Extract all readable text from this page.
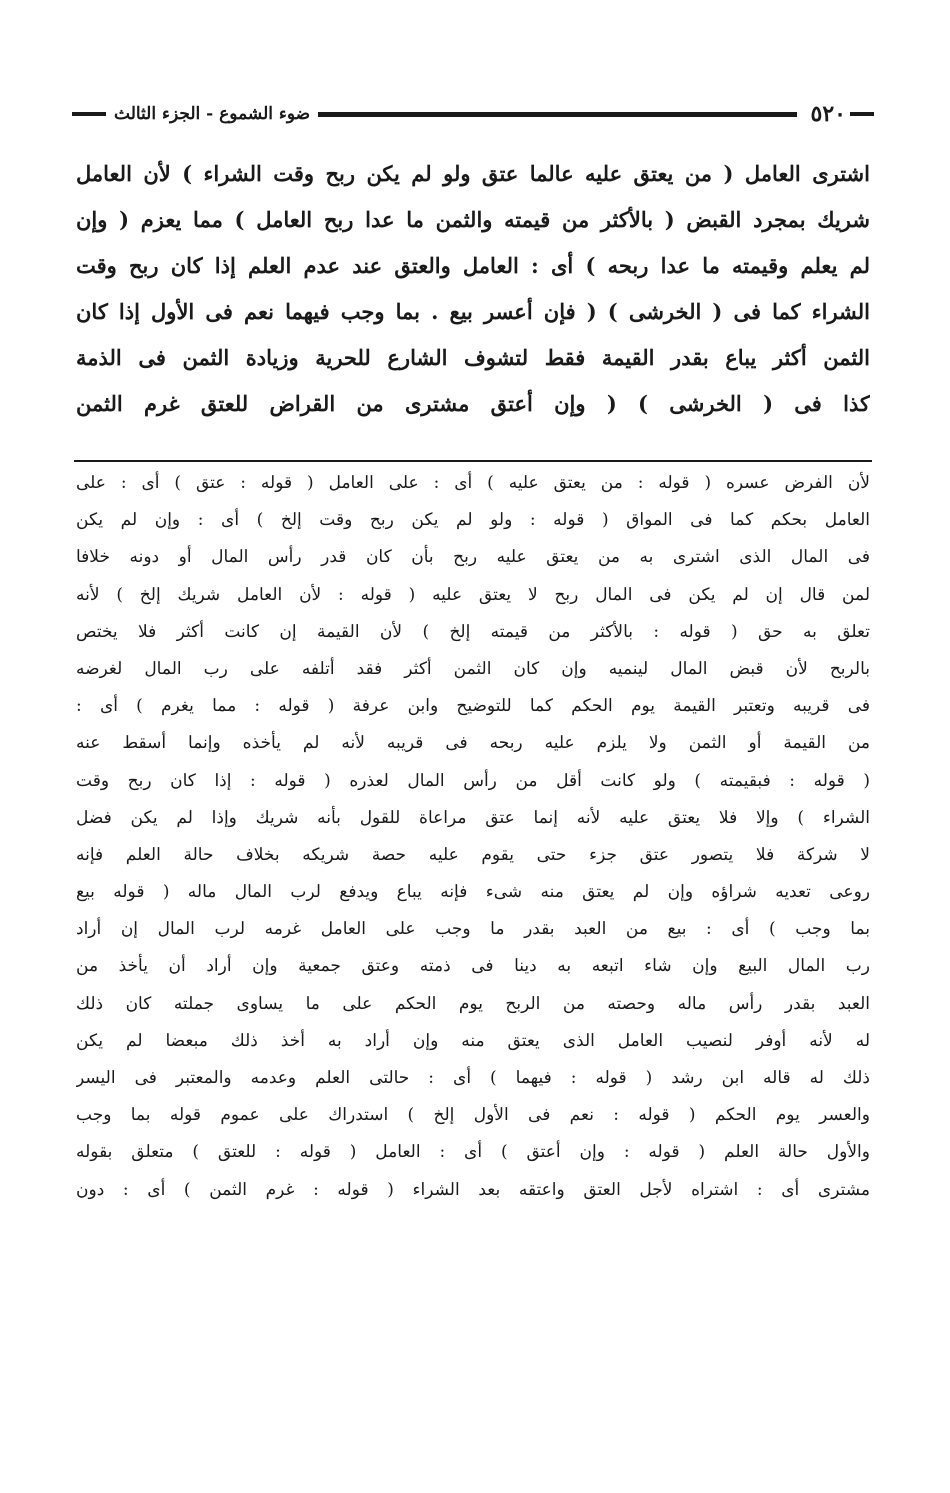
٥٢٠
ضوء الشموع - الجزء الثالث
اشترى العامل ( من يعتق عليه عالما عتق ولو لم يكن ربح وقت الشراء ) لأن العامل
شريك بمجرد القبض ( بالأكثر من قيمته والثمن ما عدا ربح العامل ) مما يعزم ( وإن
لم يعلم وقيمته ما عدا ربحه ) أى : العامل والعتق عند عدم العلم إذا كان ربح وقت
الشراء كما فى ( الخرشى ) ( فإن أعسر بيع . بما وجب فيهما نعم فى الأول إذا كان
الثمن أكثر يباع بقدر القيمة فقط لتشوف الشارع للحرية وزيادة الثمن فى الذمة
كذا فى ( الخرشى ) ( وإن أعتق مشترى من القراض للعتق غرم الثمن
لأن الفرض عسره ( قوله : من يعتق عليه ) أى : على العامل ( قوله : عتق ) أى : على
العامل بحكم كما فى المواق ( قوله : ولو لم يكن ربح وقت إلخ ) أى : وإن لم يكن
فى المال الذى اشترى به من يعتق عليه ربح بأن كان قدر رأس المال أو دونه خلافا
لمن قال إن لم يكن فى المال ربح لا يعتق عليه ( قوله : لأن العامل شريك إلخ ) لأنه
تعلق به حق ( قوله : بالأكثر من قيمته إلخ ) لأن القيمة إن كانت أكثر فلا يختص
بالربح لأن قبض المال لينميه وإن كان الثمن أكثر فقد أتلفه على رب المال لغرضه
فى قريبه وتعتبر القيمة يوم الحكم كما للتوضيح وابن عرفة ( قوله : مما يغرم ) أى :
من القيمة أو الثمن ولا يلزم عليه ربحه فى قريبه لأنه لم يأخذه وإنما أسقط عنه
( قوله : فبقيمته ) ولو كانت أقل من رأس المال لعذره ( قوله : إذا كان ربح وقت
الشراء ) وإلا فلا يعتق عليه لأنه إنما عتق مراعاة للقول بأنه شريك وإذا لم يكن فضل
لا شركة فلا يتصور عتق جزء حتى يقوم عليه حصة شريكه بخلاف حالة العلم فإنه
روعى تعديه شراؤه وإن لم يعتق منه شىء فإنه يباع ويدفع لرب المال ماله ( قوله بيع
بما وجب ) أى : بيع من العبد بقدر ما وجب على العامل غرمه لرب المال إن أراد
رب المال البيع وإن شاء اتبعه به دينا فى ذمته وعتق جمعية وإن أراد أن يأخذ من
العبد بقدر رأس ماله وحصته من الربح يوم الحكم على ما يساوى جملته كان ذلك
له لأنه أوفر لنصيب العامل الذى يعتق منه وإن أراد به أخذ ذلك مبعضا لم يكن
ذلك له قاله ابن رشد ( قوله : فيهما ) أى : حالتى العلم وعدمه والمعتبر فى اليسر
والعسر يوم الحكم ( قوله : نعم فى الأول إلخ ) استدراك على عموم قوله بما وجب
والأول حالة العلم ( قوله : وإن أعتق ) أى : العامل ( قوله : للعتق ) متعلق بقوله
مشترى أى : اشتراه لأجل العتق واعتقه بعد الشراء ( قوله : غرم الثمن ) أى : دون
